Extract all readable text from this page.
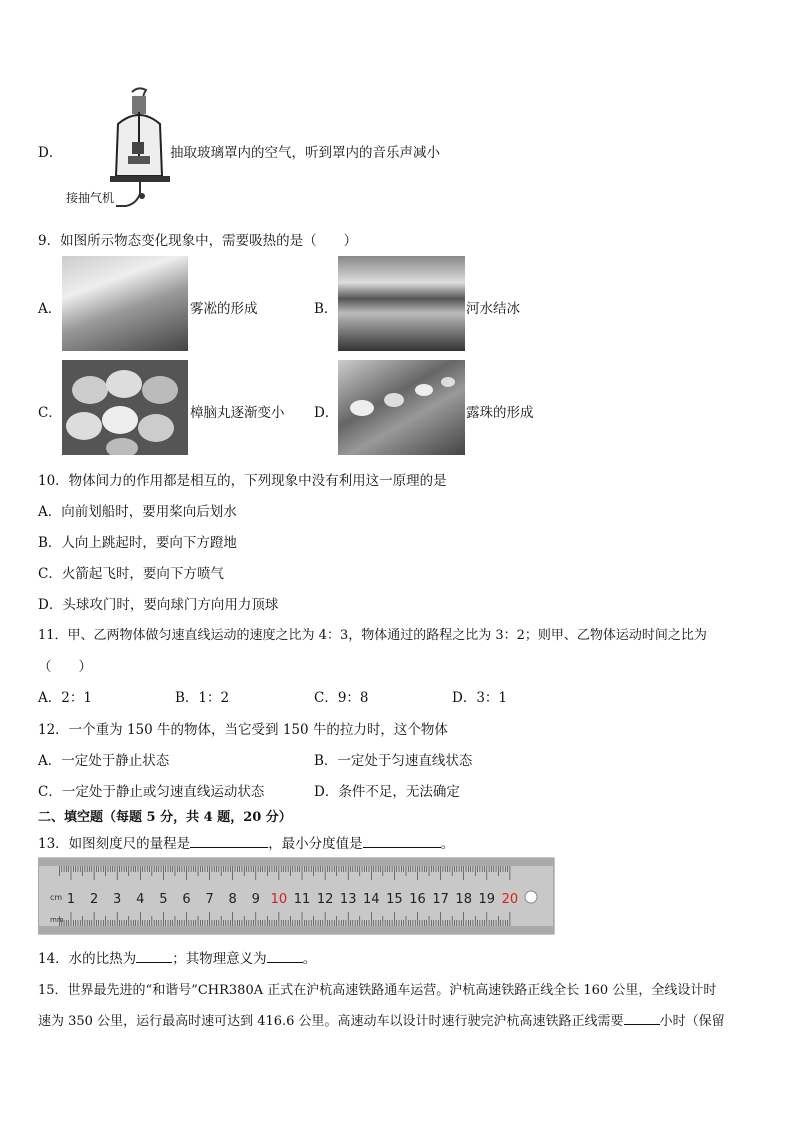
D．	抽取玻璃罩内的空气，听到罩内的音乐声减小
接抽气机
9．如图所示物态变化现象中，需要吸热的是（　　）
A．	雾凇的形成	B．	河水结冰
C．	樟脑丸逐渐变小 D．	露珠的形成
10．物体间力的作用都是相互的，下列现象中没有利用这一原理的是
A．向前划船时，要用桨向后划水
B．人向上跳起时，要向下方蹬地
C．火箭起飞时，要向下方喷气
D．头球攻门时，要向球门方向用力顶球
11．甲、乙两物体做匀速直线运动的速度之比为 4：3，物体通过的路程之比为 3：2；则甲、乙物体运动时间之比为
（　　）
A．2：1	B．1：2	C．9：8	D．3：1
12．一个重为 150 牛的物体，当它受到 150 牛的拉力时，这个物体
A．一定处于静止状态	B．一定处于匀速直线状态
C．一定处于静止或匀速直线运动状态	D．条件不足，无法确定
二、填空题（每题 5 分，共 4 题，20 分）
13．如图刻度尺的量程是	，最小分度值是	。
cm
mm
1 2 3 4 5 6 7 8 9 10 11 12 13 14 15 16 17 18 19 20
14．水的比热为	；其物理意义为	。
15．世界最先进的“和谐号”CHR380A 正式在沪杭高速铁路通车运营。沪杭高速铁路正线全长 160 公里，全线设计时
速为 350 公里，运行最高时速可达到 416.6 公里。高速动车以设计时速行驶完沪杭高速铁路正线需要	小时（保留
